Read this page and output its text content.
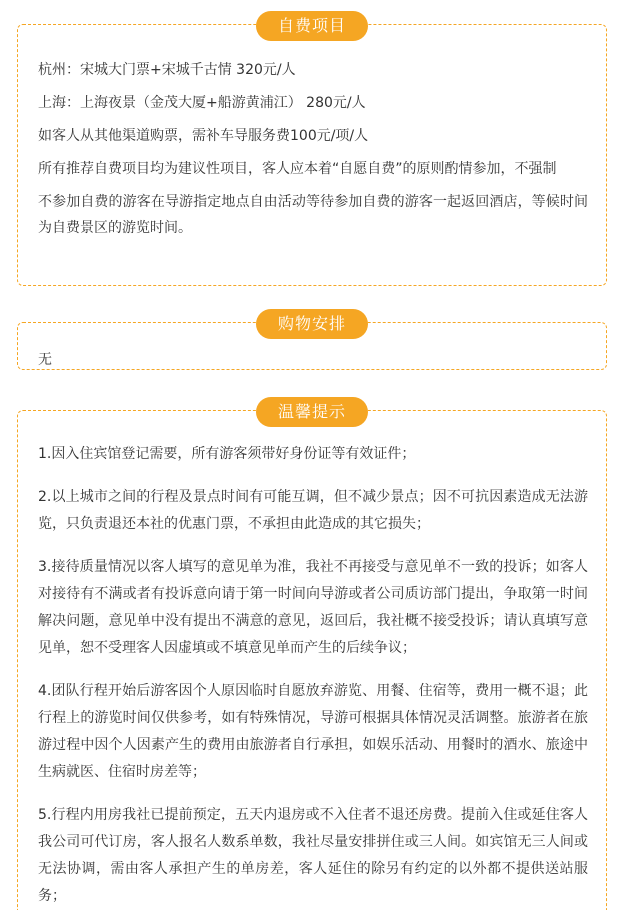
自费项目

杭州：宋城大门票+宋城千古情 320元/人

上海：上海夜景（金茂大厦+船游黄浦江） 280元/人

如客人从其他渠道购票，需补车导服务费100元/项/人

所有推荐自费项目均为建议性项目，客人应本着“自愿自费”的原则酌情参加，不强制

不参加自费的游客在导游指定地点自由活动等待参加自费的游客一起返回酒店，等候时间为自费景区的游览时间。

购物安排

无

温馨提示

1.因入住宾馆登记需要，所有游客须带好身份证等有效证件；

2.以上城市之间的行程及景点时间有可能互调，但不减少景点；因不可抗因素造成无法游览，只负责退还本社的优惠门票，不承担由此造成的其它损失；

3.接待质量情况以客人填写的意见单为准，我社不再接受与意见单不一致的投诉；如客人对接待有不满或者有投诉意向请于第一时间向导游或者公司质访部门提出，争取第一时间解决问题，意见单中没有提出不满意的意见，返回后，我社概不接受投诉；请认真填写意见单，恕不受理客人因虚填或不填意见单而产生的后续争议；

4.团队行程开始后游客因个人原因临时自愿放弃游览、用餐、住宿等，费用一概不退；此行程上的游览时间仅供参考，如有特殊情况，导游可根据具体情况灵活调整。旅游者在旅游过程中因个人因素产生的费用由旅游者自行承担，如娱乐活动、用餐时的酒水、旅途中生病就医、住宿时房差等；

5.行程内用房我社已提前预定，五天内退房或不入住者不退还房费。提前入住或延住客人我公司可代订房，客人报名人数系单数，我社尽量安排拼住或三人间。如宾馆无三人间或无法协调，需由客人承担产生的单房差，客人延住的除另有约定的以外都不提供送站服务；
